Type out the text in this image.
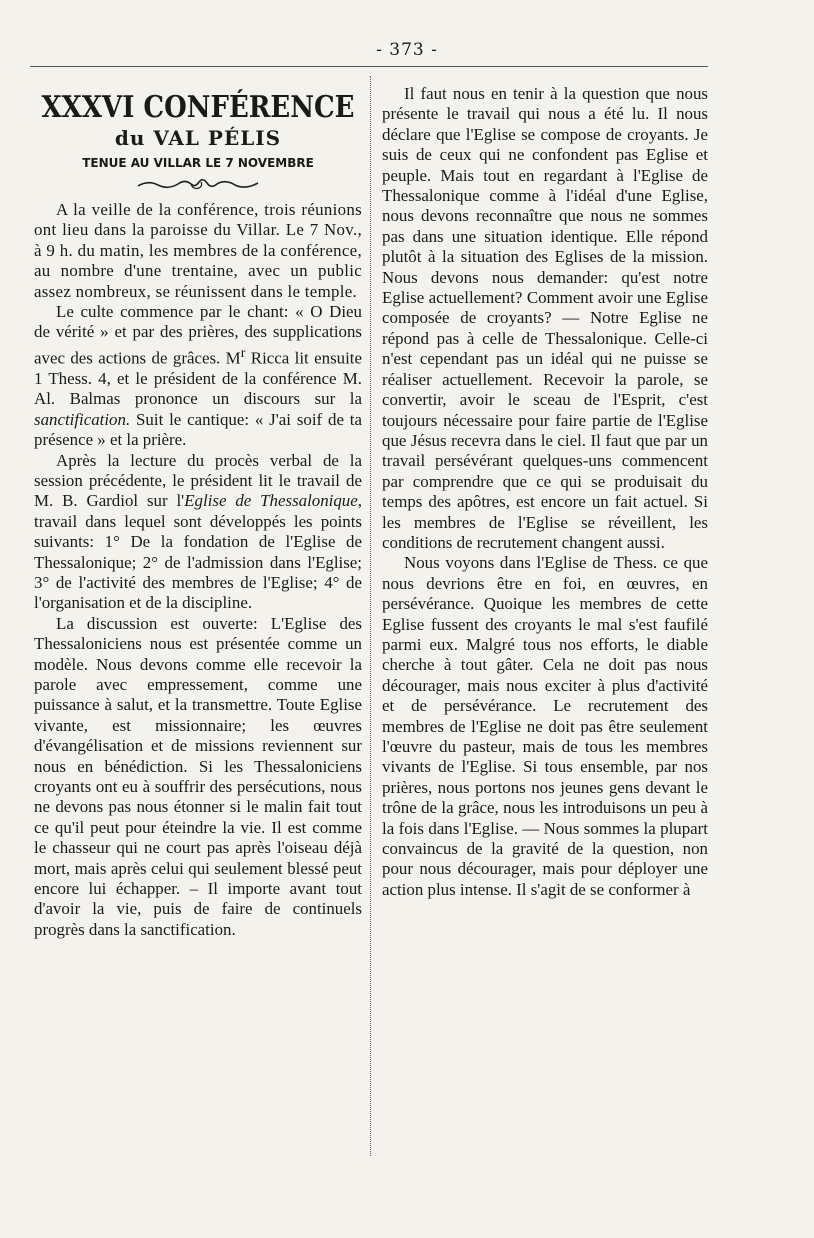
- 373 -
XXXVI CONFÉRENCE
du VAL PÉLIS
TENUE AU VILLAR LE 7 NOVEMBRE

A la veille de la conférence, trois réunions ont lieu dans la paroisse du Villar. Le 7 Nov., à 9 h. du matin, les membres de la conférence, au nombre d'une trentaine, avec un public assez nombreux, se réunissent dans le temple.

Le culte commence par le chant: « O Dieu de vérité » et par des prières, des supplications avec des actions de grâces. $M^r$ Ricca lit ensuite 1 Thess. 4, et le président de la conférence M. Al. Balmas prononce un discours sur la sanctification. Suit le cantique: « J'ai soif de ta présence » et la prière.

Après la lecture du procès verbal de la session précédente, le président lit le travail de M. B. Gardiol sur l'Eglise de Thessalonique, travail dans lequel sont développés les points suivants: 1° De la fondation de l'Eglise de Thessalonique; 2° de l'admission dans l'Eglise; 3° de l'activité des membres de l'Eglise; 4° de l'organisation et de la discipline.

La discussion est ouverte: L'Eglise des Thessaloniciens nous est présentée comme un modèle. Nous devons comme elle recevoir la parole avec empressement, comme une puissance à salut, et la transmettre. Toute Eglise vivante, est missionnaire; les œuvres d'évangélisation et de missions reviennent sur nous en bénédiction. Si les Thessaloniciens croyants ont eu à souffrir des persécutions, nous ne devons pas nous étonner si le malin fait tout ce qu'il peut pour éteindre la vie. Il est comme le chasseur qui ne court pas après l'oiseau déjà mort, mais après celui qui seulement blessé peut encore lui échapper. – Il importe avant tout d'avoir la vie, puis de faire de continuels progrès dans la sanctification.

Il faut nous en tenir à la question que nous présente le travail qui nous a été lu. Il nous déclare que l'Eglise se compose de croyants. Je suis de ceux qui ne confondent pas Eglise et peuple. Mais tout en regardant à l'Eglise de Thessalonique comme à l'idéal d'une Eglise, nous devons reconnaître que nous ne sommes pas dans une situation identique. Elle répond plutôt à la situation des Eglises de la mission. Nous devons nous demander: qu'est notre Eglise actuellement? Comment avoir une Eglise composée de croyants? — Notre Eglise ne répond pas à celle de Thessalonique. Celle-ci n'est cependant pas un idéal qui ne puisse se réaliser actuellement. Recevoir la parole, se convertir, avoir le sceau de l'Esprit, c'est toujours nécessaire pour faire partie de l'Eglise que Jésus recevra dans le ciel. Il faut que par un travail persévérant quelques-uns commencent par comprendre que ce qui se produisait du temps des apôtres, est encore un fait actuel. Si les membres de l'Eglise se réveillent, les conditions de recrutement changent aussi.

Nous voyons dans l'Eglise de Thess. ce que nous devrions être en foi, en œuvres, en persévérance. Quoique les membres de cette Eglise fussent des croyants le mal s'est faufilé parmi eux. Malgré tous nos efforts, le diable cherche à tout gâter. Cela ne doit pas nous décourager, mais nous exciter à plus d'activité et de persévérance. Le recrutement des membres de l'Eglise ne doit pas être seulement l'œuvre du pasteur, mais de tous les membres vivants de l'Eglise. Si tous ensemble, par nos prières, nous portons nos jeunes gens devant le trône de la grâce, nous les introduisons un peu à la fois dans l'Eglise. — Nous sommes la plupart convaincus de la gravité de la question, non pour nous décourager, mais pour déployer une action plus intense. Il s'agit de se conformer à
